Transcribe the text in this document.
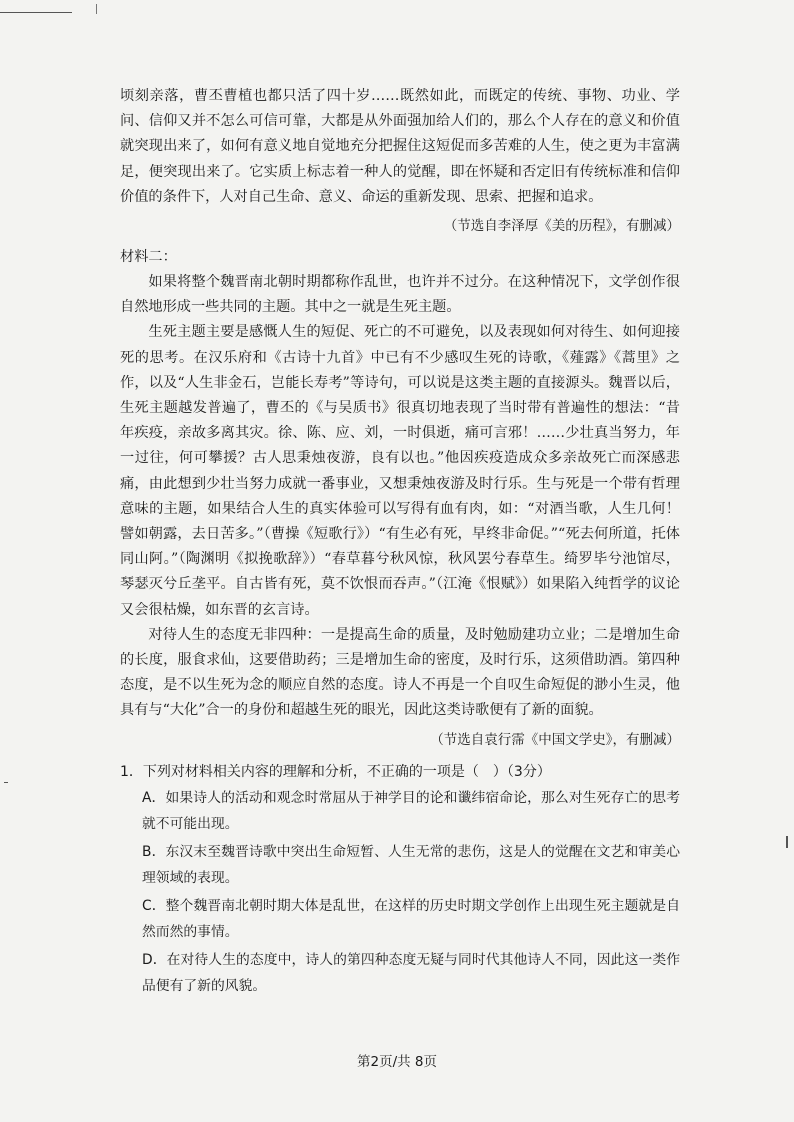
顷刻亲落，曹丕曹植也都只活了四十岁……既然如此，而既定的传统、事物、功业、学问、信仰又并不怎么可信可靠，大都是从外面强加给人们的，那么个人存在的意义和价值就突现出来了，如何有意义地自觉地充分把握住这短促而多苦难的人生，使之更为丰富满足，便突现出来了。它实质上标志着一种人的觉醒，即在怀疑和否定旧有传统标准和信仰价值的条件下，人对自己生命、意义、命运的重新发现、思索、把握和追求。

（节选自李泽厚《美的历程》，有删减）

材料二：

如果将整个魏晋南北朝时期都称作乱世，也许并不过分。在这种情况下，文学创作很自然地形成一些共同的主题。其中之一就是生死主题。

生死主题主要是感慨人生的短促、死亡的不可避免，以及表现如何对待生、如何迎接死的思考。在汉乐府和《古诗十九首》中已有不少感叹生死的诗歌，《薤露》《蒿里》之作，以及“人生非金石，岂能长寿考”等诗句，可以说是这类主题的直接源头。魏晋以后，生死主题越发普遍了，曹丕的《与吴质书》很真切地表现了当时带有普遍性的想法：“昔年疾疫，亲故多离其灾。徐、陈、应、刘，一时俱逝，痛可言邪！……少壮真当努力，年一过往，何可攀援？古人思秉烛夜游，良有以也。”他因疾疫造成众多亲故死亡而深感悲痛，由此想到少壮当努力成就一番事业，又想秉烛夜游及时行乐。生与死是一个带有哲理意味的主题，如果结合人生的真实体验可以写得有血有肉，如：“对酒当歌，人生几何！譬如朝露，去日苦多。”（曹操《短歌行》）“有生必有死，早终非命促。”“死去何所道，托体同山阿。”（陶渊明《拟挽歌辞》）“春草暮兮秋风惊，秋风罢兮春草生。绮罗毕兮池馆尽，琴瑟灭兮丘垄平。自古皆有死，莫不饮恨而吞声。”（江淹《恨赋》）如果陷入纯哲学的议论又会很枯燥，如东晋的玄言诗。

对待人生的态度无非四种：一是提高生命的质量，及时勉励建功立业；二是增加生命的长度，服食求仙，这要借助药；三是增加生命的密度，及时行乐，这须借助酒。第四种态度，是不以生死为念的顺应自然的态度。诗人不再是一个自叹生命短促的渺小生灵，他具有与“大化”合一的身份和超越生死的眼光，因此这类诗歌便有了新的面貌。

（节选自袁行霈《中国文学史》，有删减）

1．下列对材料相关内容的理解和分析，不正确的一项是（　）（3分）

A．如果诗人的活动和观念时常屈从于神学目的论和谶纬宿命论，那么对生死存亡的思考就不可能出现。

B．东汉末至魏晋诗歌中突出生命短暂、人生无常的悲伤，这是人的觉醒在文艺和审美心理领域的表现。

C．整个魏晋南北朝时期大体是乱世，在这样的历史时期文学创作上出现生死主题就是自然而然的事情。

D．在对待人生的态度中，诗人的第四种态度无疑与同时代其他诗人不同，因此这一类作品便有了新的风貌。

第2页/共 8页
